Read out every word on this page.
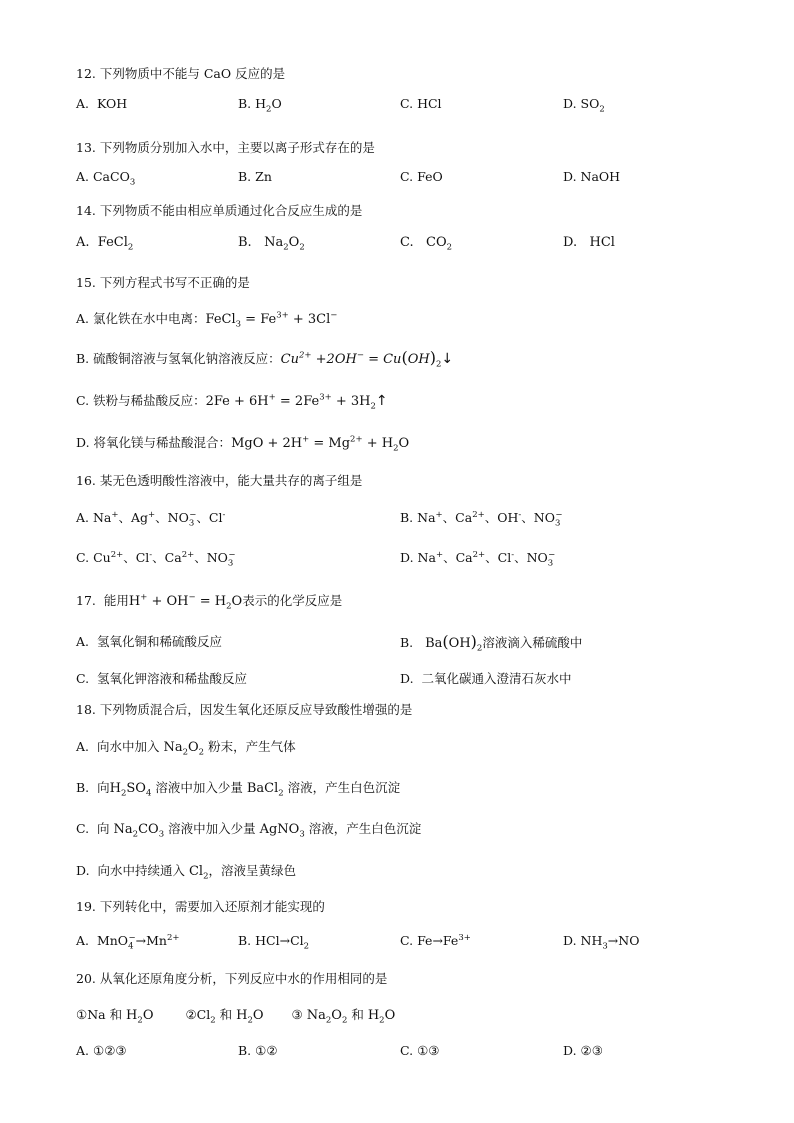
12. 下列物质中不能与 CaO 反应的是
A.  KOH	B. $H_2O$	C. HCl	D. $SO_2$
13. 下列物质分别加入水中，主要以离子形式存在的是
A. CaCO$_3$	B. Zn	C. FeO	D. NaOH
14. 下列物质不能由相应单质通过化合反应生成的是
A.  FeCl$_2$	B.   $Na_2O_2$	C.   $CO_2$	D.   HCl
15. 下列方程式书写不正确的是
A. 氯化铁在水中电离：FeCl$_3$ = $Fe^{3+} + 3Cl^-$
B. 硫酸铜溶液与氢氧化钠溶液反应：$Cu^{2+} +2OH^-$ = $Cu(OH)_2↓$
C. 铁粉与稀盐酸反应：$2Fe + 6H^+ = 2Fe^{3+}$ + $3H_2↑$
D. 将氧化镁与稀盐酸混合：MgO + $2H^+ = Mg^{2+} + H_2O$
16. 某无色透明酸性溶液中，能大量共存的离子组是
A. Na+、Ag+、$NO_3^-$、Cl-	B. Na+、$Ca^{2+}$、OH-、$NO_3^-$
C. $Cu^{2+}$、Cl-、$Ca^{2+}$、$NO_3^-$	D. Na+、$Ca^{2+}$、Cl-、$NO_3^-$
17. 能用$H^+ + OH^- = H_2O$表示的化学反应是
A. 氢氧化铜和稀硫酸反应	B. $Ba(OH)_2$溶液滴入稀硫酸中
C. 氢氧化钾溶液和稀盐酸反应	D. 二氧化碳通入澄清石灰水中
18. 下列物质混合后，因发生氧化还原反应导致酸性增强的是
A.  向水中加入 $Na_2O_2$ 粉末，产生气体
B.  向$H_2SO_4$ 溶液中加入少量 BaCl$_2$ 溶液，产生白色沉淀
C.  向 $Na_2CO_3$ 溶液中加入少量 AgNO$_3$ 溶液，产生白色沉淀
D.  向水中持续通入 $Cl_2$，溶液呈黄绿色
19. 下列转化中，需要加入还原剂才能实现的
A.  $MnO_4^-\to Mn^{2+}$	B. $HCl\to Cl_2$	C. $Fe\to Fe^{3+}$	D. $NH_3\to NO$
20. 从氧化还原角度分析，下列反应中水的作用相同的是
①Na 和 $H_2O$	$②Cl_2$ 和 $H_2O$ ③ $Na_2O_2$ 和 $H_2O$
A. ①②③	B. ①②	C. ①③	D. ②③
